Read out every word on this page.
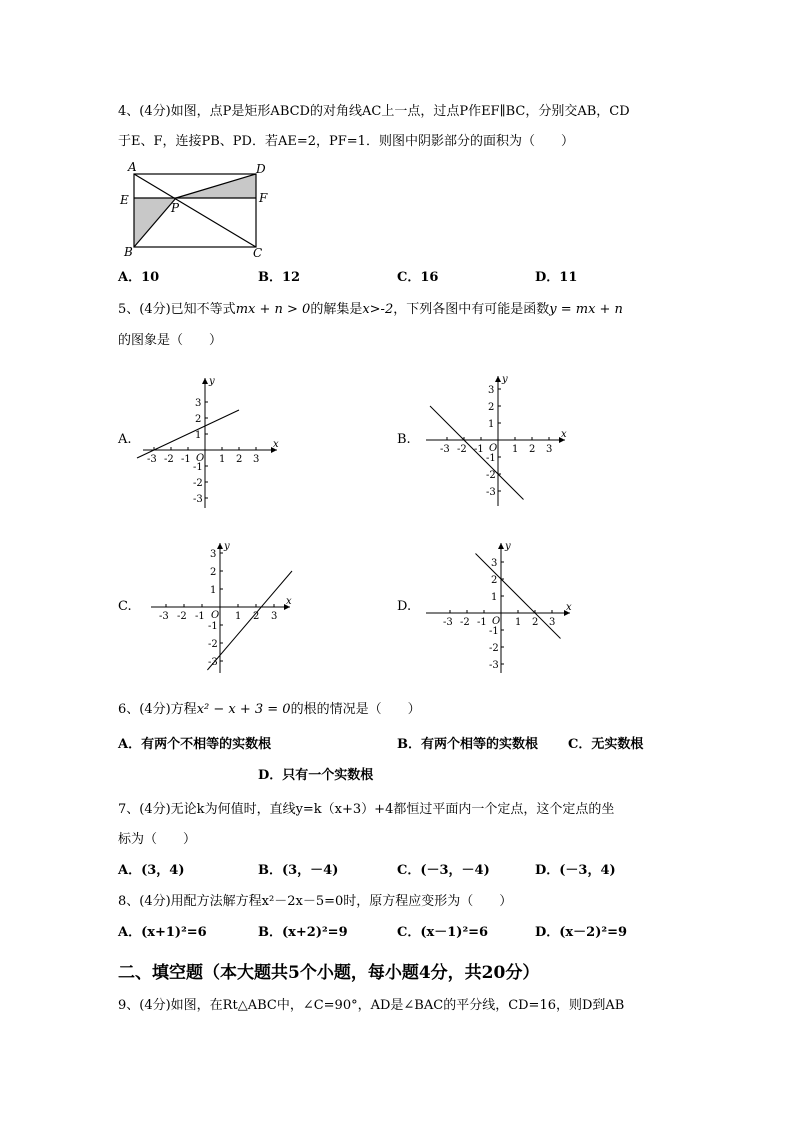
4、(4分)如图，点P是矩形ABCD的对角线AC上一点，过点P作EF∥BC，分别交AB，CD
于E、F，连接PB、PD．若AE=2，PF=1．则图中阴影部分的面积为（　　）
A	D
E	F
P
B	C
A．10	B．12	C．16	D．11
5、(4分)已知不等式mx + n > 0的解集是x>-2，下列各图中有可能是函数y = mx + n
的图象是（　　）
A.	B.
C.	D.
x
y
O 1
-1
1
-1
2
-2
2
-2
3
-3
3
-3
x
y
O 1
-1
1
-1
2
-2
2
-2
3
-3
3
-3
x
y
O 1
-1
1
-1
2
-2
2
-2
3
-3
3
-3
x
y
O 1
-1
1
-1
2
-2
2
-2
3
-3
3
-3
6、(4分)方程x² − x + 3 = 0的根的情况是（　　）
A．有两个不相等的实数根	B．有两个相等的实数根 C．无实数根
D．只有一个实数根
7、(4分)无论k为何值时，直线y=k（x+3）+4都恒过平面内一个定点，这个定点的坐
标为（　　）
A．(3，4)	B．(3，－4)	C．(－3，－4)	D．(－3，4)
8、(4分)用配方法解方程x²－2x－5=0时，原方程应变形为（　　）
A．(x+1)²=6	B．(x+2)²=9	C．(x－1)²=6	D．(x－2)²=9
二、填空题（本大题共5个小题，每小题4分，共20分）
9、(4分)如图，在Rt△ABC中，∠C=90°，AD是∠BAC的平分线，CD=16，则D到AB
